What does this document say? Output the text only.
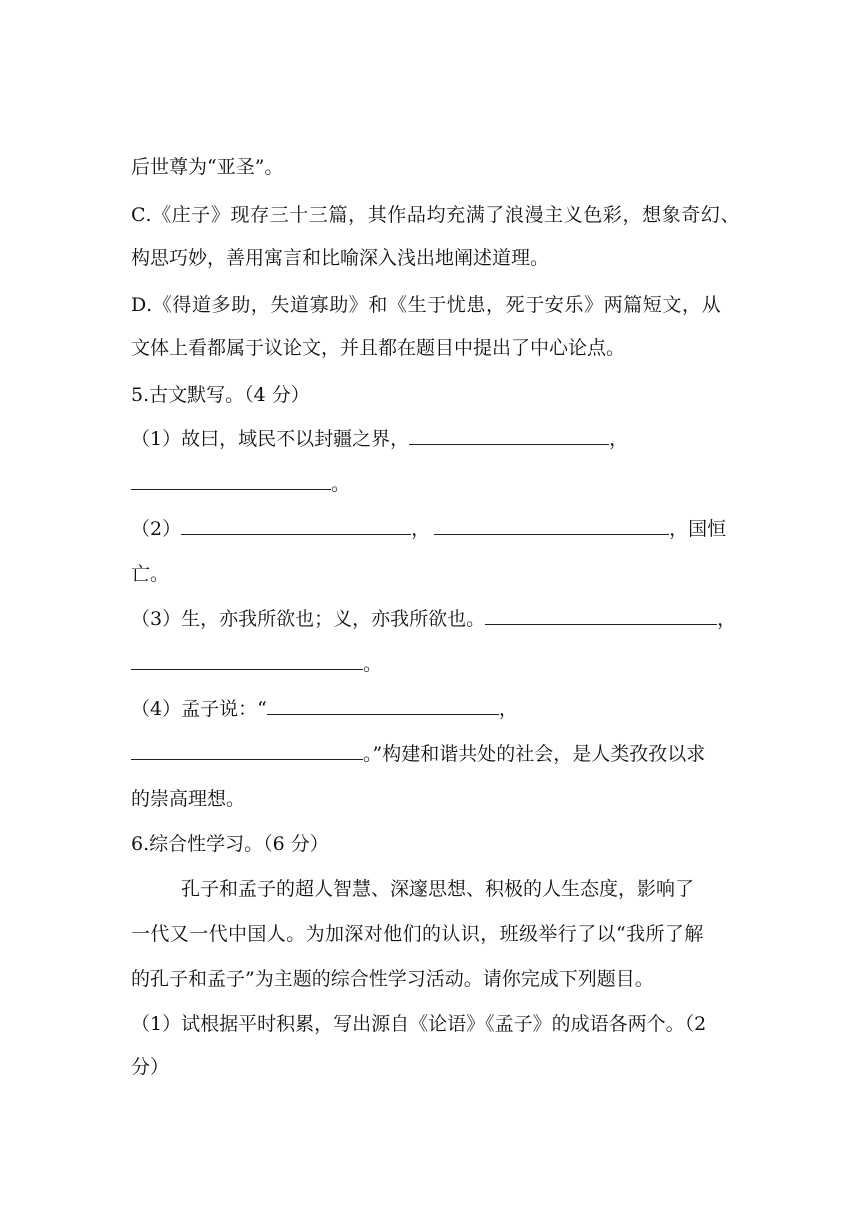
后世尊为“亚圣”。
C.《庄子》现存三十三篇，其作品均充满了浪漫主义色彩，想象奇幻、
构思巧妙，善用寓言和比喻深入浅出地阐述道理。
D.《得道多助，失道寡助》和《生于忧患，死于安乐》两篇短文，从
文体上看都属于议论文，并且都在题目中提出了中心论点。
5.古文默写。（4 分）
（1）故曰，域民不以封疆之界，	，
。
（2）	，	，国恒
亡。
（3）生，亦我所欲也；义，亦我所欲也。	，
。
（4）孟子说：“	，
。”构建和谐共处的社会，是人类孜孜以求
的崇高理想。
6.综合性学习。（6 分）
孔子和孟子的超人智慧、深邃思想、积极的人生态度，影响了
一代又一代中国人。为加深对他们的认识，班级举行了以“我所了解
的孔子和孟子”为主题的综合性学习活动。请你完成下列题目。
（1）试根据平时积累，写出源自《论语》《孟子》的成语各两个。（2
分）
